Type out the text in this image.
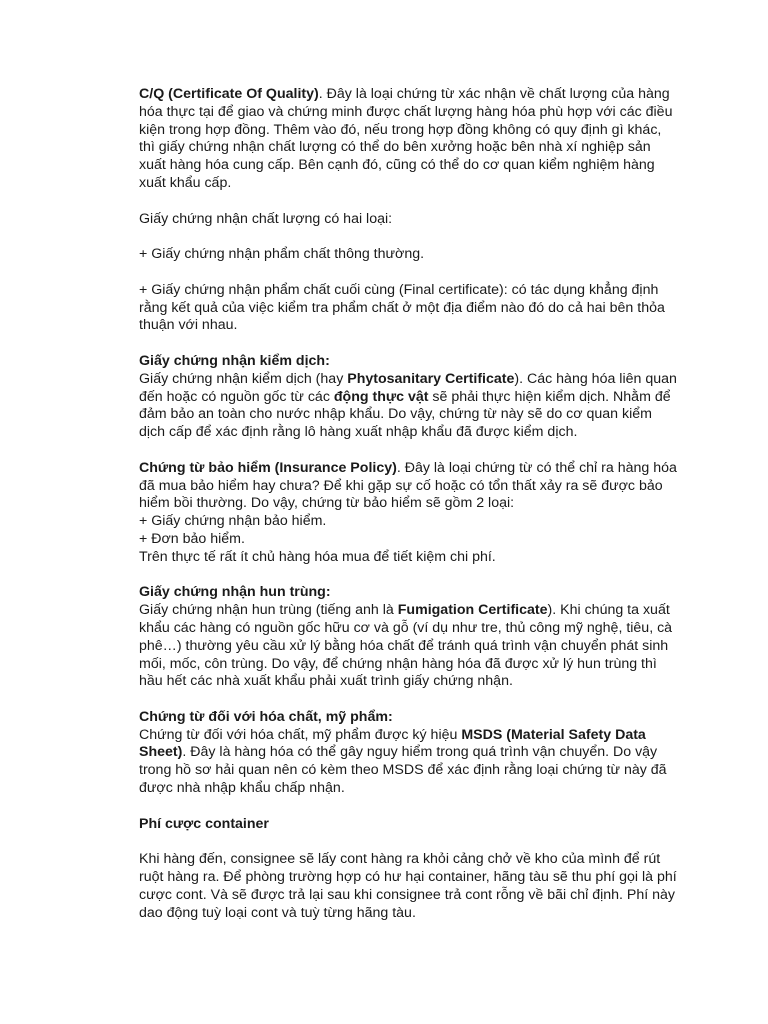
C/Q (Certificate Of Quality). Đây là loại chứng từ xác nhận về chất lượng của hàng hóa thực tại để giao và chứng minh được chất lượng hàng hóa phù hợp với các điều kiện trong hợp đồng. Thêm vào đó, nếu trong hợp đồng không có quy định gì khác, thì giấy chứng nhận chất lượng có thể do bên xưởng hoặc bên nhà xí nghiệp sản xuất hàng hóa cung cấp. Bên cạnh đó, cũng có thể do cơ quan kiểm nghiệm hàng xuất khẩu cấp.

Giấy chứng nhận chất lượng có hai loại:

+ Giấy chứng nhận phẩm chất thông thường.

+ Giấy chứng nhận phẩm chất cuối cùng (Final certificate): có tác dụng khẳng định rằng kết quả của việc kiểm tra phẩm chất ở một địa điểm nào đó do cả hai bên thỏa thuận với nhau.

Giấy chứng nhận kiểm dịch:

Giấy chứng nhận kiểm dịch (hay Phytosanitary Certificate). Các hàng hóa liên quan đến hoặc có nguồn gốc từ các động thực vật sẽ phải thực hiện kiểm dịch. Nhằm để đảm bảo an toàn cho nước nhập khẩu. Do vậy, chứng từ này sẽ do cơ quan kiểm dịch cấp để xác định rằng lô hàng xuất nhập khẩu đã được kiểm dịch.

Chứng từ bảo hiểm (Insurance Policy). Đây là loại chứng từ có thể chỉ ra hàng hóa đã mua bảo hiểm hay chưa? Để khi gặp sự cố hoặc có tổn thất xảy ra sẽ được bảo hiểm bồi thường. Do vậy, chứng từ bảo hiểm sẽ gồm 2 loại:

+ Giấy chứng nhận bảo hiểm.

+ Đơn bảo hiểm.

Trên thực tế rất ít chủ hàng hóa mua để tiết kiệm chi phí.

Giấy chứng nhận hun trùng:

Giấy chứng nhận hun trùng (tiếng anh là Fumigation Certificate). Khi chúng ta xuất khẩu các hàng có nguồn gốc hữu cơ và gỗ (ví dụ như tre, thủ công mỹ nghệ, tiêu, cà phê…) thường yêu cầu xử lý bằng hóa chất để tránh quá trình vận chuyển phát sinh mối, mốc, côn trùng. Do vậy, để chứng nhận hàng hóa đã được xử lý hun trùng thì hầu hết các nhà xuất khẩu phải xuất trình giấy chứng nhận.

Chứng từ đối với hóa chất, mỹ phẩm:

Chứng từ đối với hóa chất, mỹ phẩm được ký hiệu MSDS (Material Safety Data Sheet). Đây là hàng hóa có thể gây nguy hiểm trong quá trình vận chuyển. Do vậy trong hồ sơ hải quan nên có kèm theo MSDS để xác định rằng loại chứng từ này đã được nhà nhập khẩu chấp nhận.

Phí cược container

Khi hàng đến, consignee sẽ lấy cont hàng ra khỏi cảng chở về kho của mình để rút ruột hàng ra. Để phòng trường hợp có hư hại container, hãng tàu sẽ thu phí gọi là phí cược cont. Và sẽ được trả lại sau khi consignee trả cont rỗng về bãi chỉ định. Phí này dao động tuỳ loại cont và tuỳ từng hãng tàu.
